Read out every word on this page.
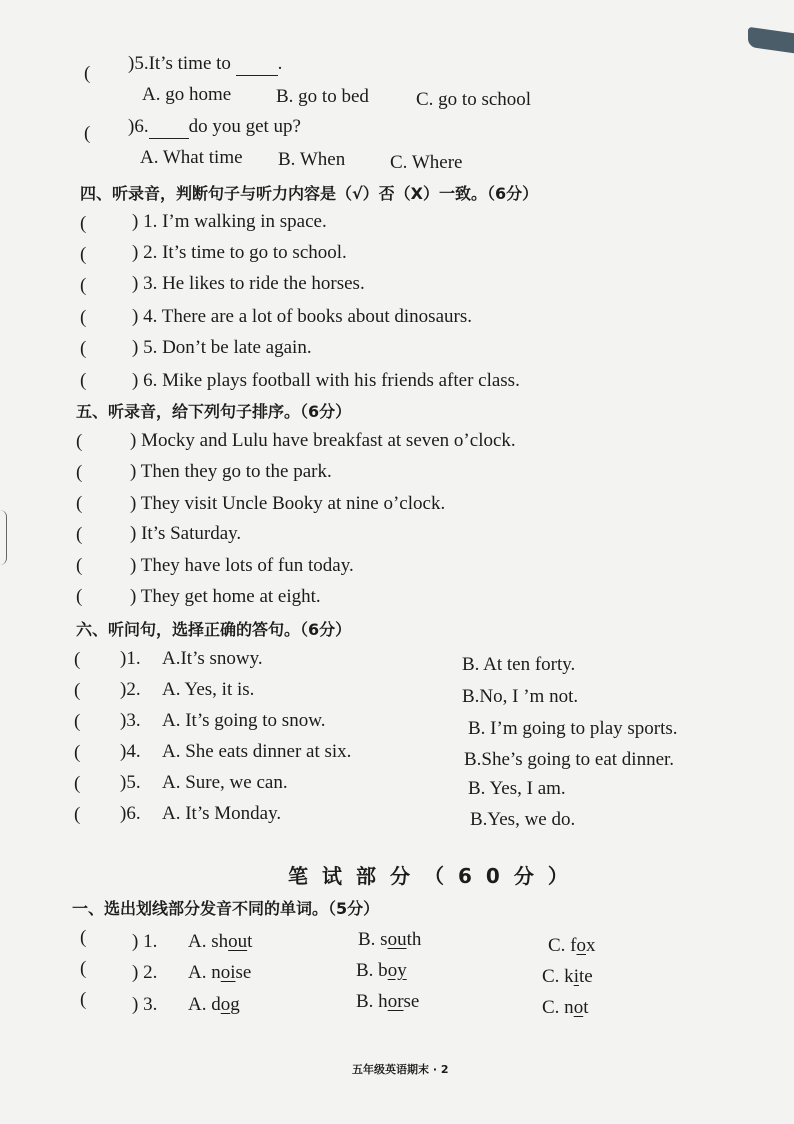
( )5.It’s time to .
A. go home B. go to bed C. go to school
( )6. do you get up?
A. What time B. When C. Where
四、听录音，判断句子与听力内容是（√）否（X）一致。（6分）
( ) 1. I’m walking in space.
( ) 2. It’s time to go to school.
( ) 3. He likes to ride the horses.
( ) 4. There are a lot of books about dinosaurs.
( ) 5. Don’t be late again.
( ) 6. Mike plays football with his friends after class.
五、听录音，给下列句子排序。（6分）
(	) Mocky and Lulu have breakfast at seven o’clock.
(	) Then they go to the park.
(	) They visit Uncle Booky at nine o’clock.
(	) It’s Saturday.
(	) They have lots of fun today.
(	) They get home at eight.
六、听问句，选择正确的答句。（6分）
( )1. A.It’s snowy.	B. At ten forty.
( )2. A. Yes, it is.	B.No, I ’m not.
( )3. A. It’s going to snow.	B. I’m going to play sports.
( )4. A. She eats dinner at six.	B.She’s going to eat dinner.
( )5. A. Sure, we can.	B. Yes, I am.
( )6. A. It’s Monday.	B.Yes, we do.
笔试部分（60分）
一、选出划线部分发音不同的单词。（5分）
( ) 1. A. shout	B. south	C. fox
( ) 2. A. noise	B. boy	C. kite
( ) 3. A. dog	B. horse	C. not
五年级英语期末 · 2
